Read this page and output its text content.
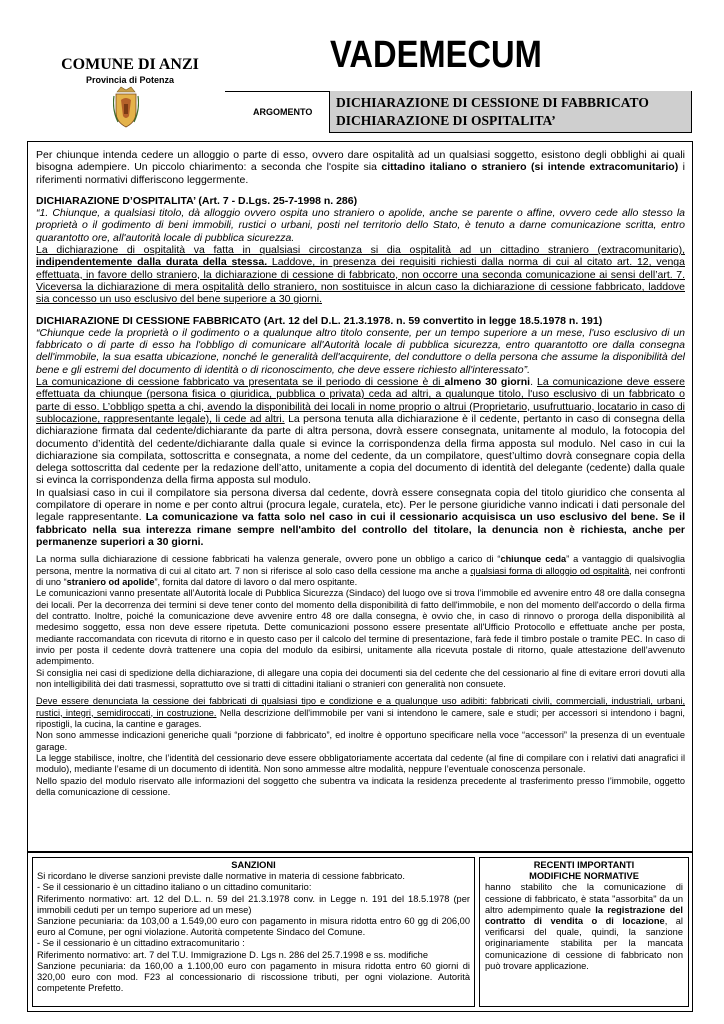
COMUNE DI ANZI
Provincia di Potenza
VADEMECUM
ARGOMENTO
DICHIARAZIONE DI CESSIONE DI FABBRICATO
DICHIARAZIONE DI OSPITALITA’

Per chiunque intenda cedere un alloggio o parte di esso, ovvero dare ospitalità ad un qualsiasi soggetto, esistono degli obblighi ai quali bisogna adempiere. Un piccolo chiarimento: a seconda che l'ospite sia cittadino italiano o straniero (si intende extracomunitario) i riferimenti normativi differiscono leggermente.

DICHIARAZIONE D’OSPITALITA’ (Art. 7 - D.Lgs. 25-7-1998 n. 286)

“1. Chiunque, a qualsiasi titolo, dà alloggio ovvero ospita uno straniero o apolide, anche se parente o affine, ovvero cede allo stesso la proprietà o il godimento di beni immobili, rustici o urbani, posti nel territorio dello Stato, è tenuto a darne comunicazione scritta, entro quarantotto ore, all'autorità locale di pubblica sicurezza.

La dichiarazione di ospitalità va fatta in qualsiasi circostanza si dia ospitalità ad un cittadino straniero (extracomunitario), indipendentemente dalla durata della stessa. Laddove, in presenza dei requisiti richiesti dalla norma di cui al citato art. 12, venga effettuata, in favore dello straniero, la dichiarazione di cessione di fabbricato, non occorre una seconda comunicazione ai sensi dell’art. 7. Viceversa la dichiarazione di mera ospitalità dello straniero, non sostituisce in alcun caso la dichiarazione di cessione fabbricato, laddove sia concesso un uso esclusivo del bene superiore a 30 giorni.

DICHIARAZIONE DI CESSIONE FABBRICATO (Art. 12 del D.L. 21.3.1978. n. 59 convertito in legge 18.5.1978 n. 191)

“Chiunque cede la proprietà o il godimento o a qualunque altro titolo consente, per un tempo superiore a un mese, l'uso esclusivo di un fabbricato o di parte di esso ha l'obbligo di comunicare all'Autorità locale di pubblica sicurezza, entro quarantotto ore dalla consegna dell'immobile, la sua esatta ubicazione, nonché le generalità dell'acquirente, del conduttore o della persona che assume la disponibilità del bene e gli estremi del documento di identità o di riconoscimento, che deve essere richiesto all'interessato”.

La comunicazione di cessione fabbricato va presentata se il periodo di cessione è di almeno 30 giorni. La comunicazione deve essere effettuata da chiunque (persona fisica o giuridica, pubblica o privata) ceda ad altri, a qualunque titolo, l'uso esclusivo di un fabbricato o parte di esso. L’obbligo spetta a chi, avendo la disponibilità dei locali in nome proprio o altrui (Proprietario, usufruttuario, locatario in caso di sublocazione, rappresentante legale), li cede ad altri. La persona tenuta alla dichiarazione è il cedente, pertanto in caso di consegna della dichiarazione firmata dal cedente/dichiarante da parte di altra persona, dovrà essere consegnata, unitamente al modulo, la fotocopia del documento d’identità del cedente/dichiarante dalla quale si evince la corrispondenza della firma apposta sul modulo. Nel caso in cui la dichiarazione sia compilata, sottoscritta e consegnata, a nome del cedente, da un compilatore, quest’ultimo dovrà consegnare copia della delega sottoscritta dal cedente per la redazione dell’atto, unitamente a copia del documento di identità del delegante (cedente) dalla quale si evinca la corrispondenza della firma apposta sul modulo.

In qualsiasi caso in cui il compilatore sia persona diversa dal cedente, dovrà essere consegnata copia del titolo giuridico che consenta al compilatore di operare in nome e per conto altrui (procura legale, curatela, etc). Per le persone giuridiche vanno indicati i dati personale del legale rappresentante. La comunicazione va fatta solo nel caso in cui il cessionario acquisisca un uso esclusivo del bene. Se il fabbricato nella sua interezza rimane sempre nell'ambito del controllo del titolare, la denuncia non è richiesta, anche per permanenze superiori a 30 giorni.

La norma sulla dichiarazione di cessione fabbricati ha valenza generale, ovvero pone un obbligo a carico di “chiunque ceda” a vantaggio di qualsivoglia persona, mentre la normativa di cui al citato art. 7 non si riferisce al solo caso della cessione ma anche a qualsiasi forma di alloggio od ospitalità, nei confronti di uno “straniero od apolide”, fornita dal datore di lavoro o dal mero ospitante.

Le comunicazioni vanno presentate all’Autorità locale di Pubblica Sicurezza (Sindaco) del luogo ove si trova l’immobile ed avvenire entro 48 ore dalla consegna dei locali. Per la decorrenza dei termini si deve tener conto del momento della disponibilità di fatto dell'immobile, e non del momento dell'accordo o della firma del contratto. Inoltre, poiché la comunicazione deve avvenire entro 48 ore dalla consegna, è ovvio che, in caso di rinnovo o proroga della disponibilità al medesimo soggetto, essa non deve essere ripetuta. Dette comunicazioni possono essere presentate all'Ufficio Protocollo e effettuate anche per posta, mediante raccomandata con ricevuta di ritorno e in questo caso per il calcolo del termine di presentazione, farà fede il timbro postale o tramite PEC. In caso di invio per posta il cedente dovrà trattenere una copia del modulo da esibirsi, unitamente alla ricevuta postale di ritorno, quale attestazione dell’avvenuto adempimento.

Si consiglia nei casi di spedizione della dichiarazione, di allegare una copia dei documenti sia del cedente che del cessionario al fine di evitare errori dovuti alla non intelligibilità dei dati trasmessi, soprattutto ove si tratti di cittadini italiani o stranieri con generalità non consuete.

Deve essere denunciata la cessione dei fabbricati di qualsiasi tipo e condizione e a qualunque uso adibiti: fabbricati civili, commerciali, industriali, urbani, rustici, integri, semidiroccati, in costruzione. Nella descrizione dell'immobile per vani si intendono le camere, sale e studi; per accessori si intendono i bagni, ripostigli, la cucina, la cantine e garages.

Non sono ammesse indicazioni generiche quali “porzione di fabbricato”, ed inoltre è opportuno specificare nella voce “accessori” la presenza di un eventuale garage.

La legge stabilisce, inoltre, che l’identità del cessionario deve essere obbligatoriamente accertata dal cedente (al fine di compilare con i relativi dati anagrafici il modulo), mediante l’esame di un documento di identità. Non sono ammesse altre modalità, neppure l’eventuale conoscenza personale.

Nello spazio del modulo riservato alle informazioni del soggetto che subentra va indicata la residenza precedente al trasferimento presso l’immobile, oggetto della comunicazione di cessione.

SANZIONI

Si ricordano le diverse sanzioni previste dalle normative in materia di cessione fabbricato.

- Se il cessionario è un cittadino italiano o un cittadino comunitario:

Riferimento normativo: art. 12 del D.L. n. 59 del 21.3.1978 conv. in Legge n. 191 del 18.5.1978 (per immobili ceduti per un tempo superiore ad un mese)

Sanzione pecuniaria: da 103,00 a 1.549,00 euro con pagamento in misura ridotta entro 60 gg di 206,00 euro al Comune, per ogni violazione. Autorità competente Sindaco del Comune.

- Se il cessionario è un cittadino extracomunitario :

Riferimento normativo: art. 7 del T.U. Immigrazione D. Lgs n. 286 del 25.7.1998 e ss. modifiche

Sanzione pecuniaria: da 160,00 a 1.100,00 euro con pagamento in misura ridotta entro 60 giorni di 320,00 euro con mod. F23 al concessionario di riscossione tributi, per ogni violazione. Autorità competente Prefetto.

RECENTI IMPORTANTI
MODIFICHE NORMATIVE

hanno stabilito che la comunicazione di cessione di fabbricato, è stata "assorbita" da un altro adempimento quale la registrazione del contratto di vendita o di locazione, al verificarsi del quale, quindi, la sanzione originariamente stabilita per la mancata comunicazione di cessione di fabbricato non può trovare applicazione.
